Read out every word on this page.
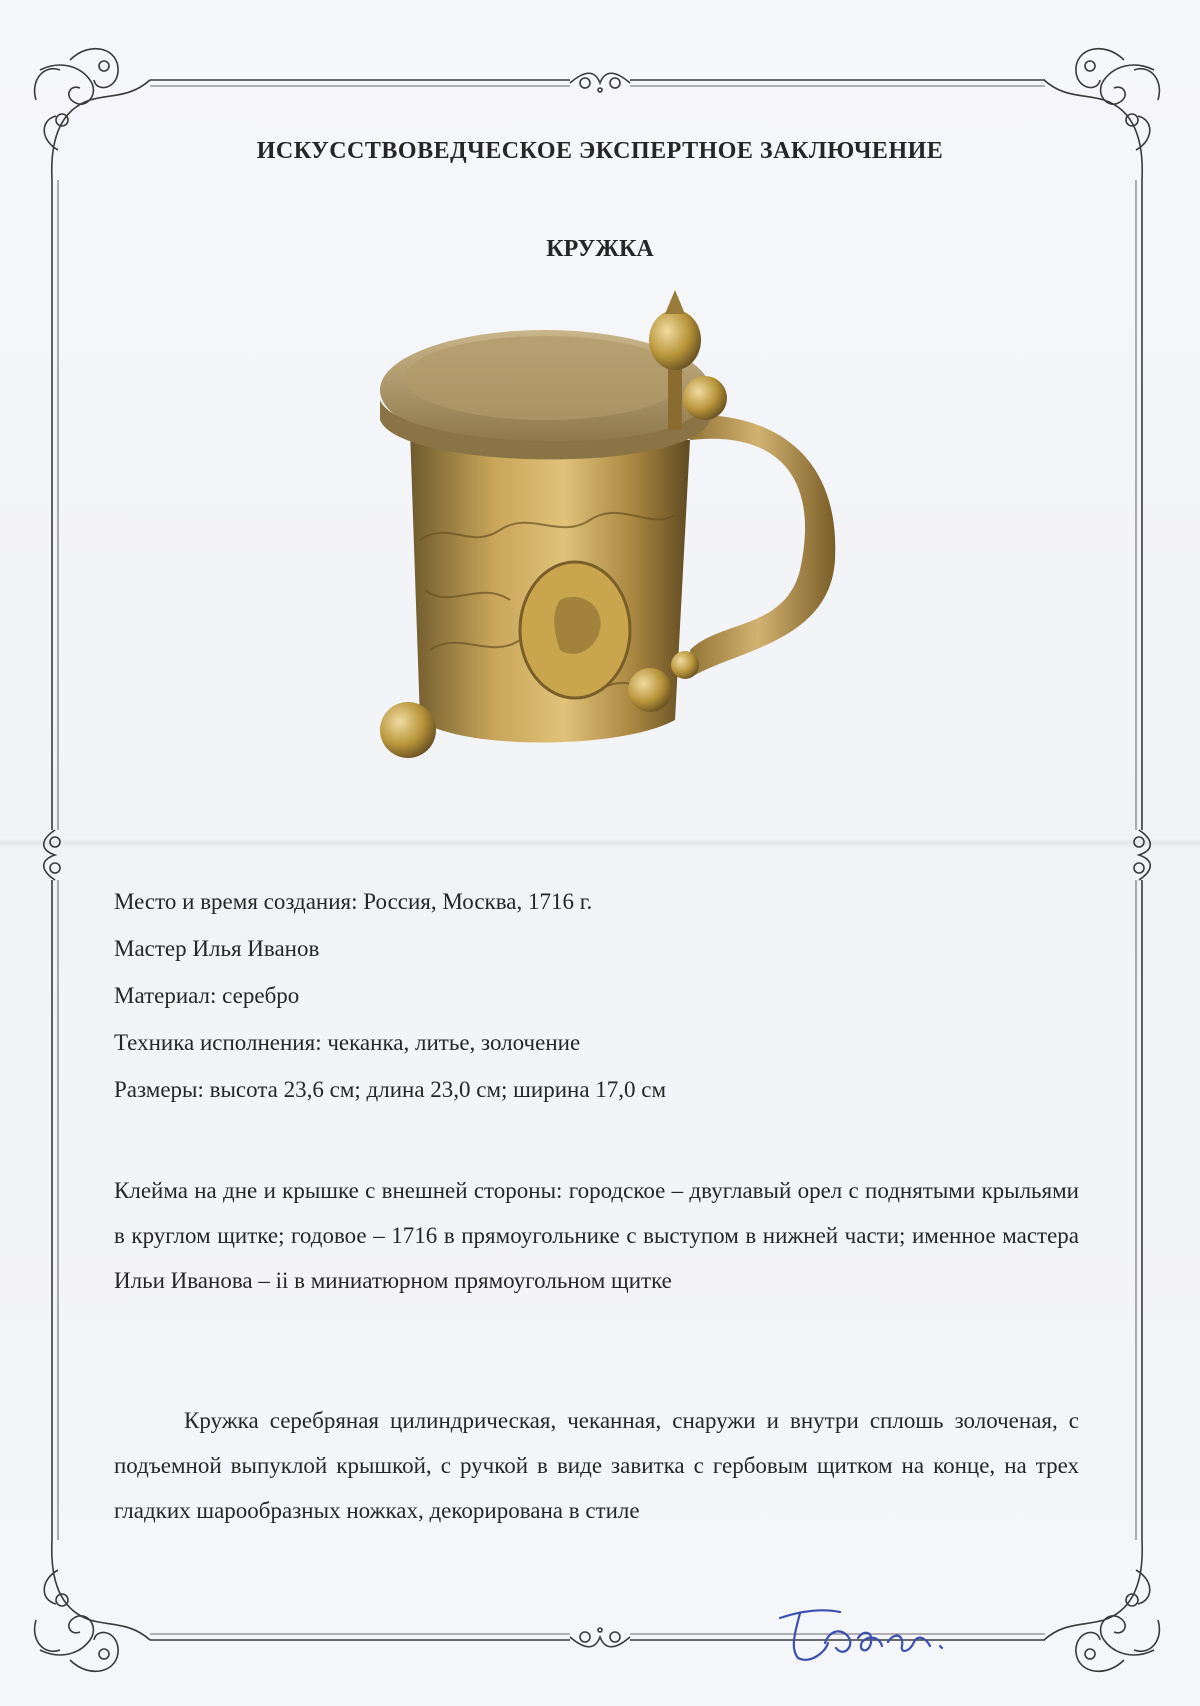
ИСКУССТВОВЕДЧЕСКОЕ ЭКСПЕРТНОЕ ЗАКЛЮЧЕНИЕ
КРУЖКА

Место и время создания: Россия, Москва, 1716 г.

Мастер Илья Иванов

Материал: серебро

Техника исполнения: чеканка, литье, золочение

Размеры: высота 23,6 см; длина 23,0 см; ширина 17,0 см

Клейма на дне и крышке с внешней стороны: городское – двуглавый орел с поднятыми крыльями в круглом щитке; годовое – 1716 в прямоугольнике с выступом в нижней части; именное мастера Ильи Иванова – ii в миниатюрном прямоугольном щитке
Кружка серебряная цилиндрическая, чеканная, снаружи и внутри сплошь золоченая, с подъемной выпуклой крышкой, с ручкой в виде завитка с гербовым щитком на конце, на трех гладких шарообразных ножках, декорирована в стиле
